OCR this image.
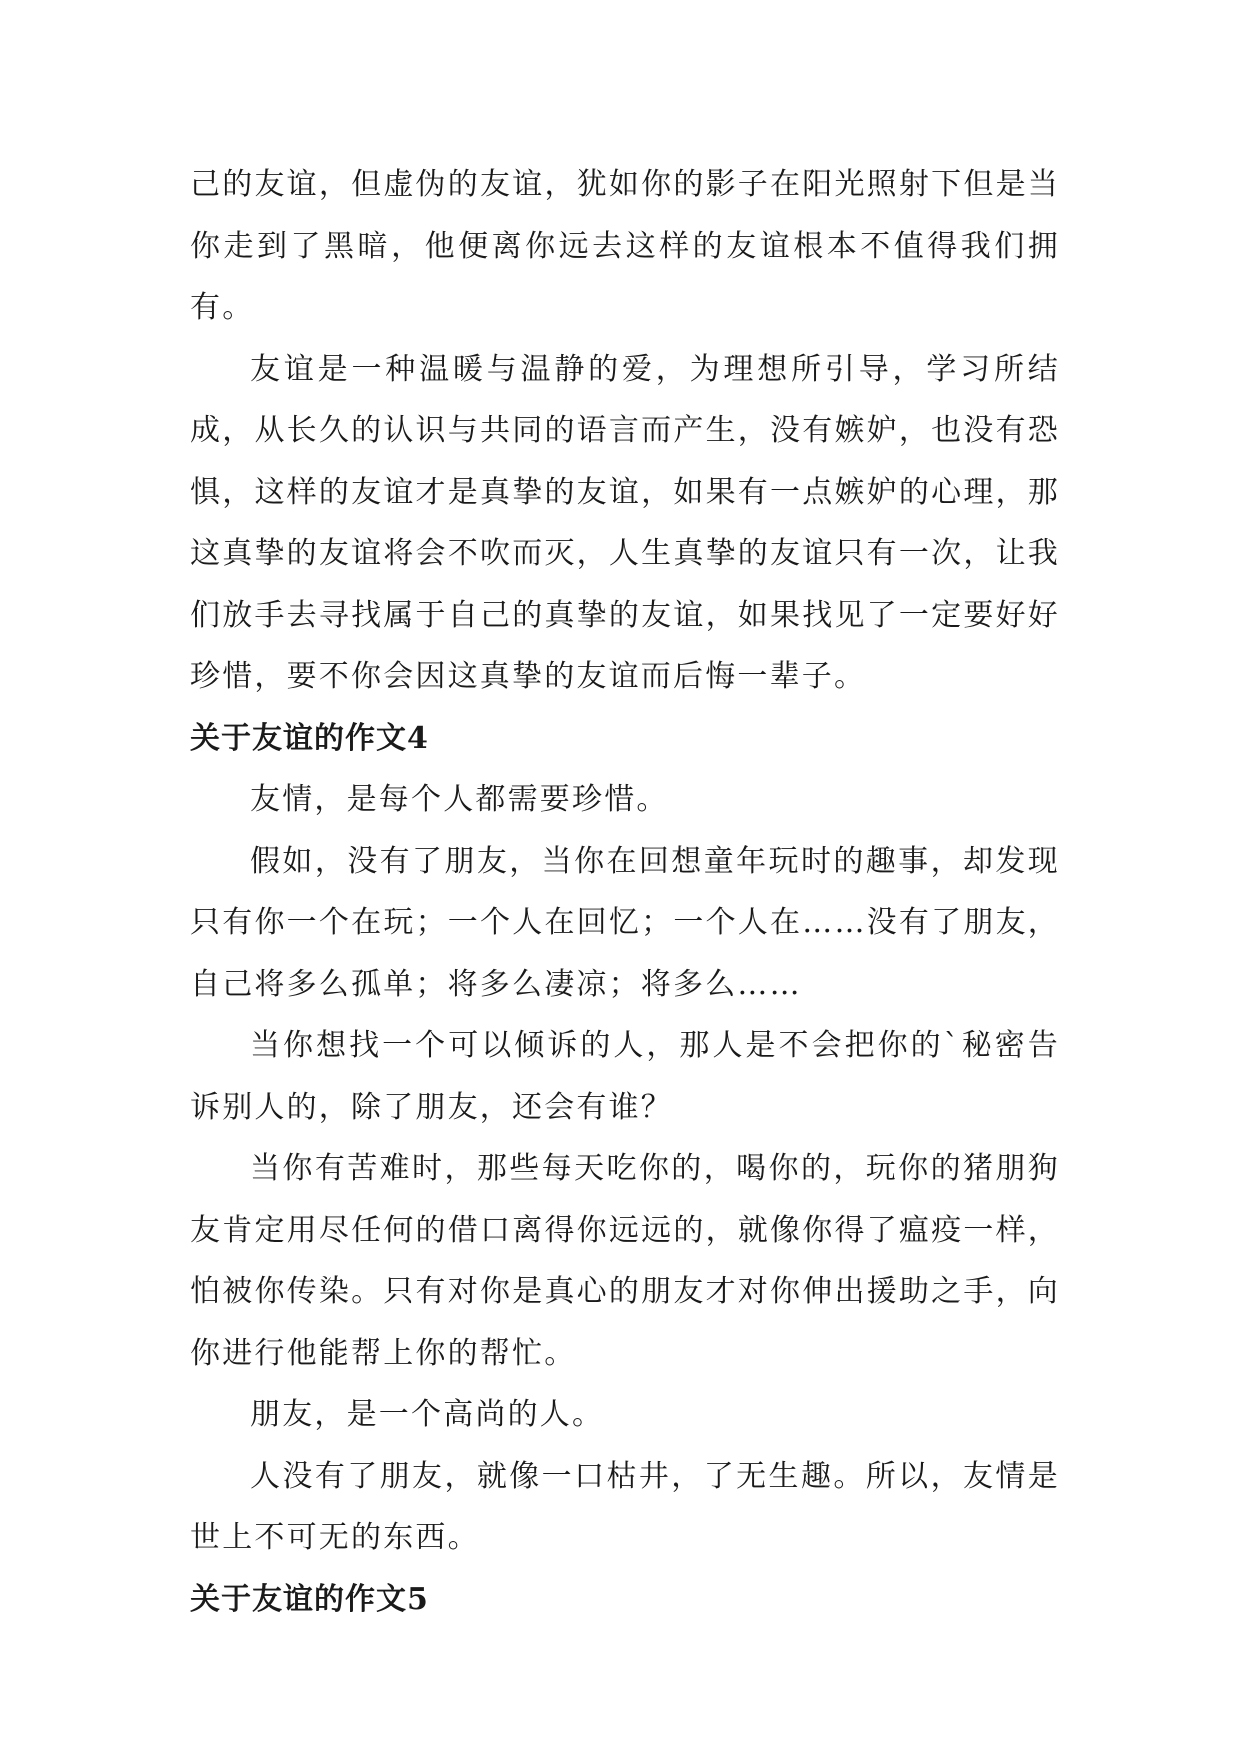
己的友谊，但虚伪的友谊，犹如你的影子在阳光照射下但是当你走到了黑暗，他便离你远去这样的友谊根本不值得我们拥有。

友谊是一种温暖与温静的爱，为理想所引导，学习所结成，从长久的认识与共同的语言而产生，没有嫉妒，也没有恐惧，这样的友谊才是真挚的友谊，如果有一点嫉妒的心理，那这真挚的友谊将会不吹而灭，人生真挚的友谊只有一次，让我们放手去寻找属于自己的真挚的友谊，如果找见了一定要好好珍惜，要不你会因这真挚的友谊而后悔一辈子。

关于友谊的作文4

友情，是每个人都需要珍惜。

假如，没有了朋友，当你在回想童年玩时的趣事，却发现只有你一个在玩；一个人在回忆；一个人在……没有了朋友，自己将多么孤单；将多么凄凉；将多么……

当你想找一个可以倾诉的人，那人是不会把你的`秘密告诉别人的，除了朋友，还会有谁？

当你有苦难时，那些每天吃你的，喝你的，玩你的猪朋狗友肯定用尽任何的借口离得你远远的，就像你得了瘟疫一样，怕被你传染。只有对你是真心的朋友才对你伸出援助之手，向你进行他能帮上你的帮忙。

朋友，是一个高尚的人。

人没有了朋友，就像一口枯井，了无生趣。所以，友情是世上不可无的东西。

关于友谊的作文5
